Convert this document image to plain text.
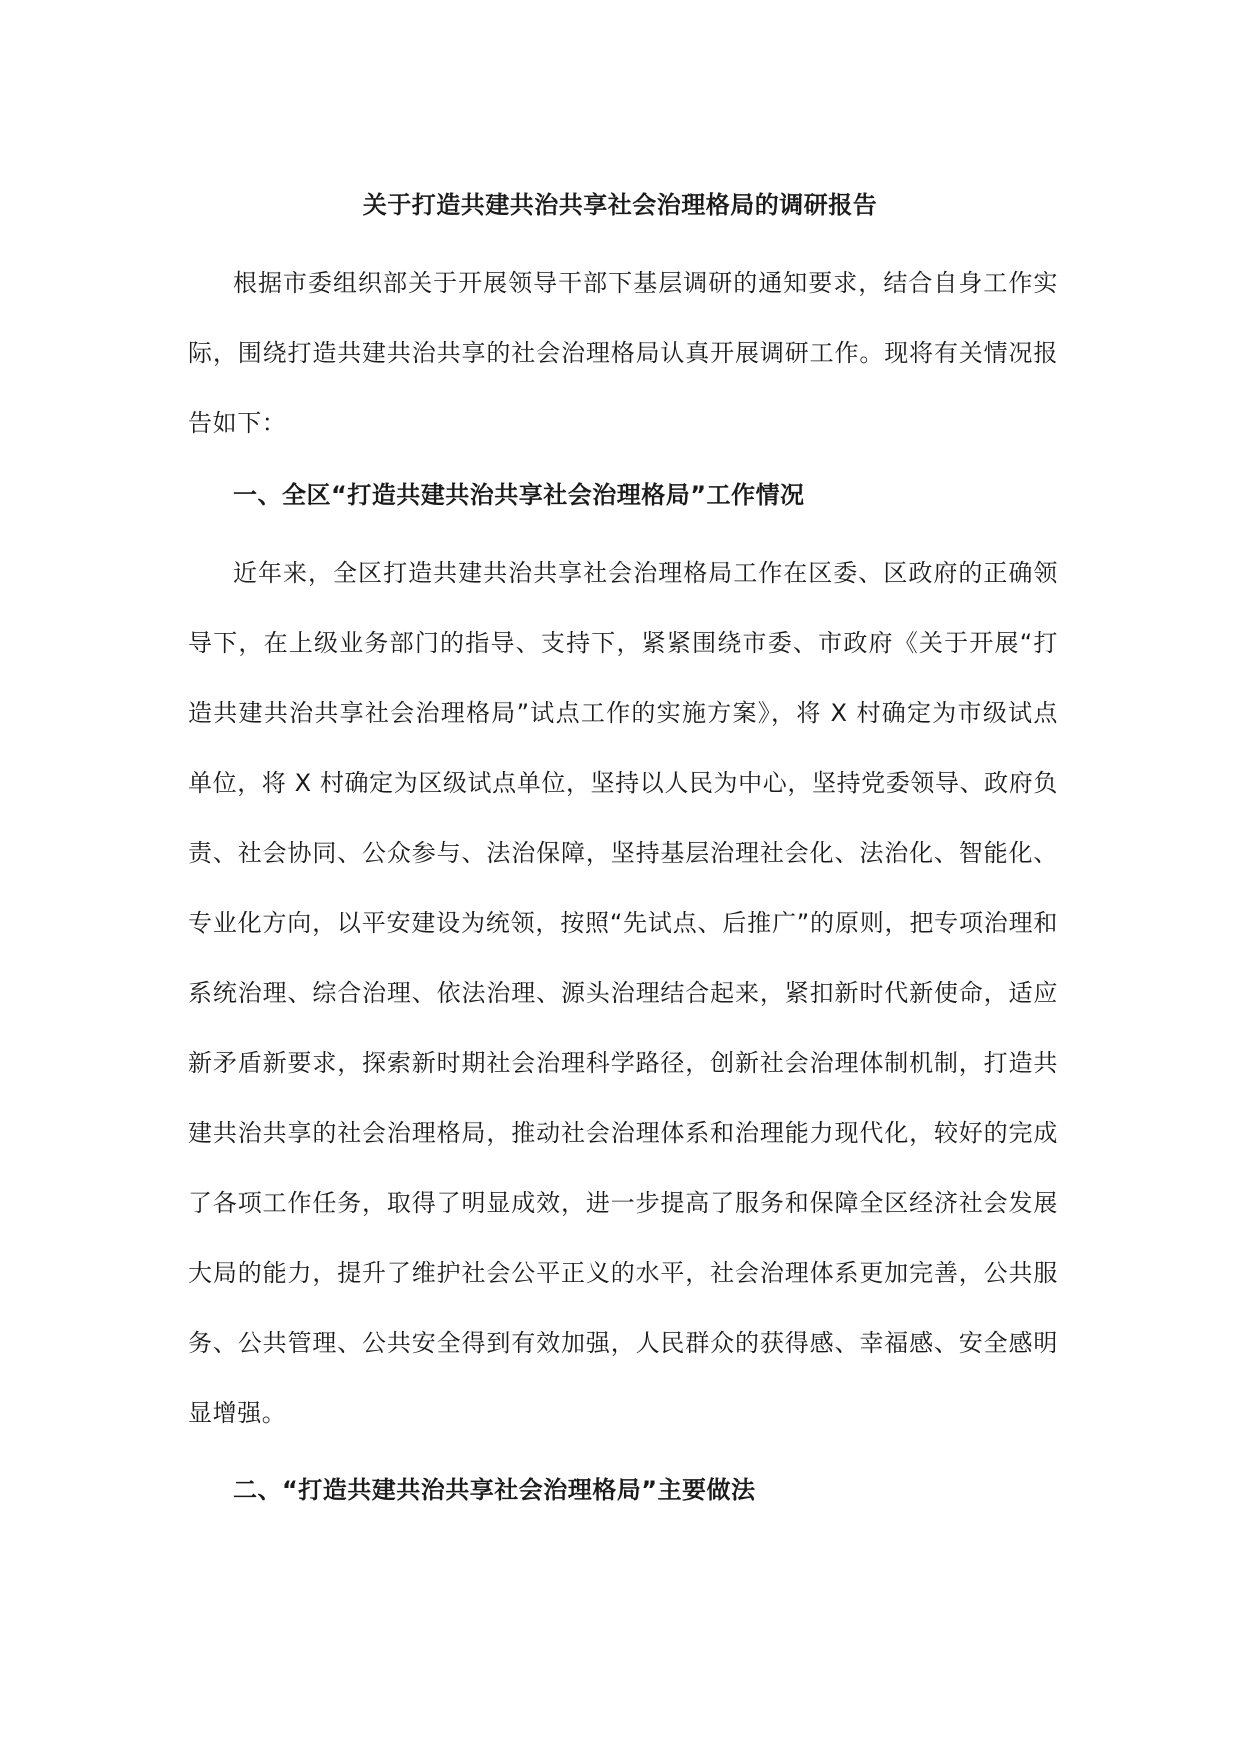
关于打造共建共治共享社会治理格局的调研报告

根据市委组织部关于开展领导干部下基层调研的通知要求，结合自身工作实际，围绕打造共建共治共享的社会治理格局认真开展调研工作。现将有关情况报告如下：

一、全区“打造共建共治共享社会治理格局”工作情况

近年来，全区打造共建共治共享社会治理格局工作在区委、区政府的正确领导下，在上级业务部门的指导、支持下，紧紧围绕市委、市政府《关于开展“打造共建共治共享社会治理格局”试点工作的实施方案》，将 X 村确定为市级试点单位，将 X 村确定为区级试点单位，坚持以人民为中心，坚持党委领导、政府负责、社会协同、公众参与、法治保障，坚持基层治理社会化、法治化、智能化、专业化方向，以平安建设为统领，按照“先试点、后推广”的原则，把专项治理和系统治理、综合治理、依法治理、源头治理结合起来，紧扣新时代新使命，适应新矛盾新要求，探索新时期社会治理科学路径，创新社会治理体制机制，打造共建共治共享的社会治理格局，推动社会治理体系和治理能力现代化，较好的完成了各项工作任务，取得了明显成效，进一步提高了服务和保障全区经济社会发展大局的能力，提升了维护社会公平正义的水平，社会治理体系更加完善，公共服务、公共管理、公共安全得到有效加强，人民群众的获得感、幸福感、安全感明显增强。

二、“打造共建共治共享社会治理格局”主要做法
